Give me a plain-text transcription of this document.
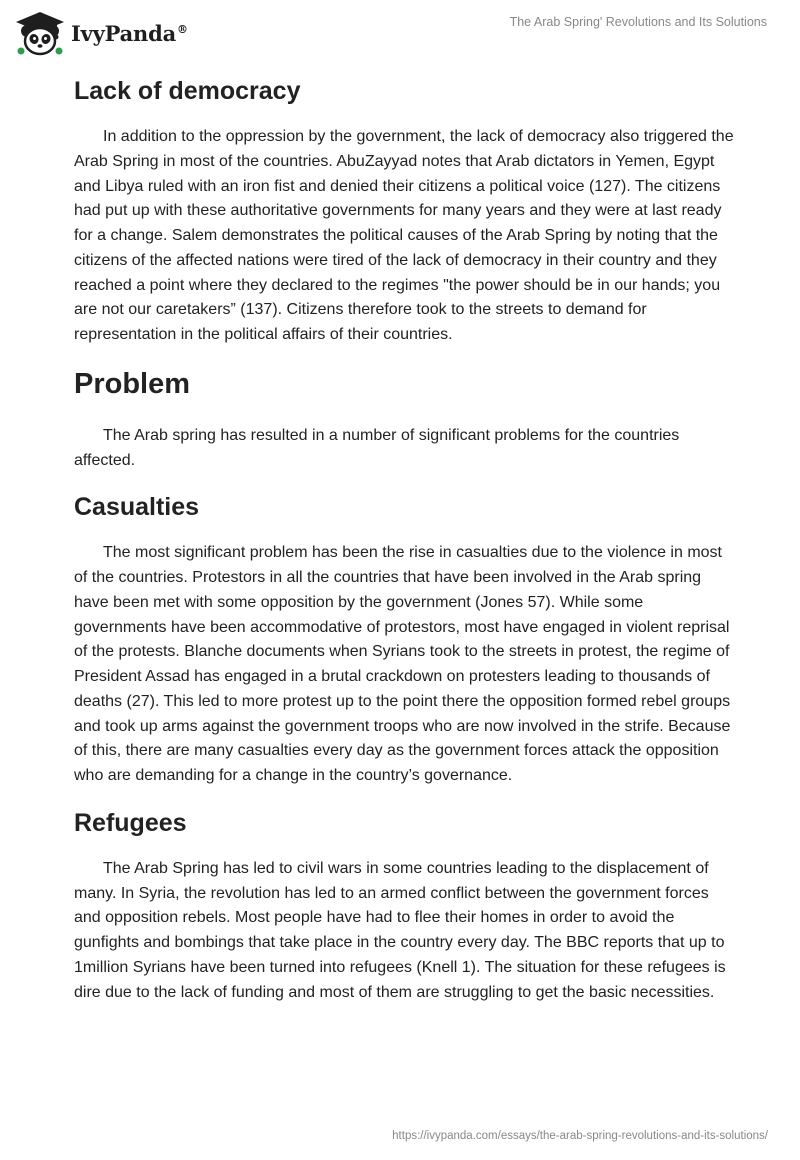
IvyPanda®	The Arab Spring' Revolutions and Its Solutions
Lack of democracy

In addition to the oppression by the government, the lack of democracy also triggered the Arab Spring in most of the countries. AbuZayyad notes that Arab dictators in Yemen, Egypt and Libya ruled with an iron fist and denied their citizens a political voice (127). The citizens had put up with these authoritative governments for many years and they were at last ready for a change. Salem demonstrates the political causes of the Arab Spring by noting that the citizens of the affected nations were tired of the lack of democracy in their country and they reached a point where they declared to the regimes "the power should be in our hands; you are not our caretakers” (137). Citizens therefore took to the streets to demand for representation in the political affairs of their countries.

Problem

The Arab spring has resulted in a number of significant problems for the countries affected.

Casualties

The most significant problem has been the rise in casualties due to the violence in most of the countries. Protestors in all the countries that have been involved in the Arab spring have been met with some opposition by the government (Jones 57). While some governments have been accommodative of protestors, most have engaged in violent reprisal of the protests. Blanche documents when Syrians took to the streets in protest, the regime of President Assad has engaged in a brutal crackdown on protesters leading to thousands of deaths (27). This led to more protest up to the point there the opposition formed rebel groups and took up arms against the government troops who are now involved in the strife. Because of this, there are many casualties every day as the government forces attack the opposition who are demanding for a change in the country’s governance.

Refugees

The Arab Spring has led to civil wars in some countries leading to the displacement of many. In Syria, the revolution has led to an armed conflict between the government forces and opposition rebels. Most people have had to flee their homes in order to avoid the gunfights and bombings that take place in the country every day. The BBC reports that up to 1million Syrians have been turned into refugees (Knell 1). The situation for these refugees is dire due to the lack of funding and most of them are struggling to get the basic necessities.

https://ivypanda.com/essays/the-arab-spring-revolutions-and-its-solutions/
